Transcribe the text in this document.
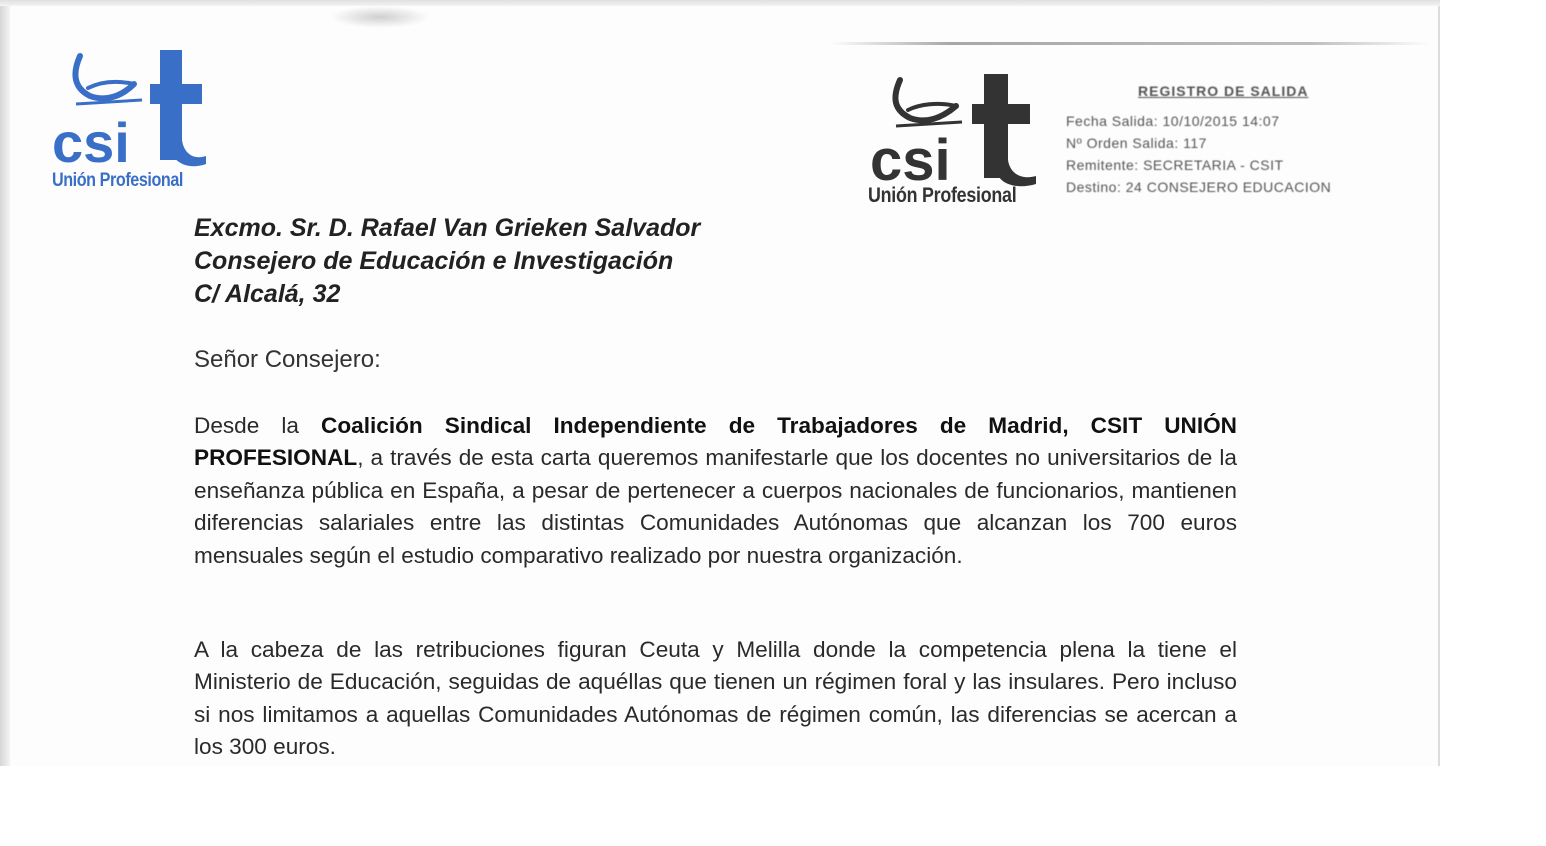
csi
Unión Profesional	csi
Unión Profesional
REGISTRO DE SALIDA
Fecha Salida: 10/10/2015 14:07
Nº Orden Salida: 117
Remitente: SECRETARIA - CSIT
Destino: 24 CONSEJERO EDUCACION
Excmo. Sr. D. Rafael Van Grieken Salvador
Consejero de Educación e Investigación
C/ Alcalá, 32
Señor Consejero:

Desde la Coalición Sindical Independiente de Trabajadores de Madrid, CSIT UNIÓN PROFESIONAL, a través de esta carta queremos manifestarle que los docentes no universitarios de la enseñanza pública en España, a pesar de pertenecer a cuerpos nacionales de funcionarios, mantienen diferencias salariales entre las distintas Comunidades Autónomas que alcanzan los 700 euros mensuales según el estudio comparativo realizado por nuestra organización.

A la cabeza de las retribuciones figuran Ceuta y Melilla donde la competencia plena la tiene el Ministerio de Educación, seguidas de aquéllas que tienen un régimen foral y las insulares. Pero incluso si nos limitamos a aquellas Comunidades Autónomas de régimen común, las diferencias se acercan a los 300 euros.
